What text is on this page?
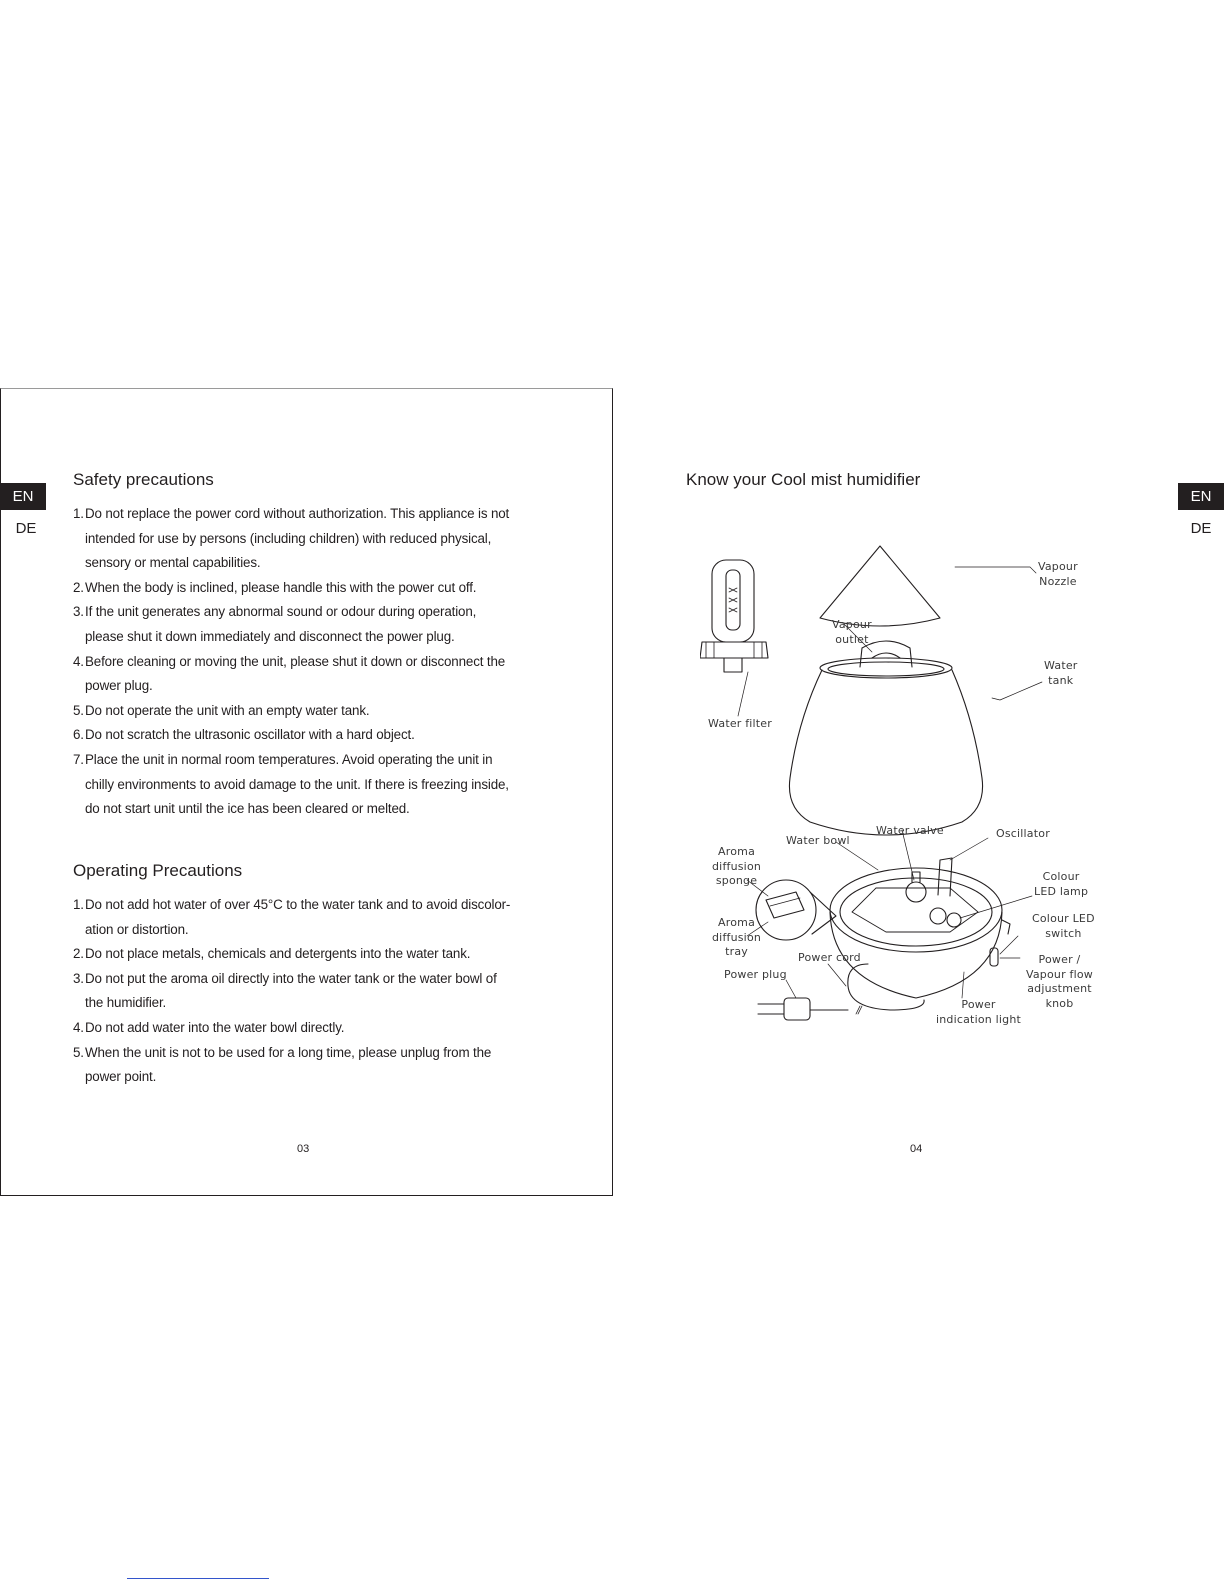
EN
DE
Safety precautions
1. Do not replace the power cord without authorization. This appliance is not
intended for use by persons (including children) with reduced physical,
sensory or mental capabilities.
2. When the body is inclined, please handle this with the power cut off.
3. If the unit generates any abnormal sound or odour during operation,
please shut it down immediately and disconnect the power plug.
4. Before cleaning or moving the unit, please shut it down or disconnect the
power plug.
5. Do not operate the unit with an empty water tank.
6. Do not scratch the ultrasonic oscillator with a hard object.
7. Place the unit in normal room temperatures. Avoid operating the unit in
chilly environments to avoid damage to the unit. If there is freezing inside,
do not start unit until the ice has been cleared or melted.
Operating Precautions
1. Do not add hot water of over 45°C to the water tank and to avoid discolor-
ation or distortion.
2. Do not place metals, chemicals and detergents into the water tank.
3. Do not put the aroma oil directly into the water tank or the water bowl of
the humidifier.
4. Do not add water into the water bowl directly.
5. When the unit is not to be used for a long time, please unplug from the
power point.
03
EN
DE
Know your Cool mist humidifier
Vapour
Nozzle
Vapour
outlet
Water
tank
Water filter
Water bowl
Water valve	Oscillator
Aroma
diffusion
sponge	Colour
LED lamp
Aroma
diffusion
tray
Colour LED
switch
Power cord	Power /
Vapour flow
adjustment
knob
Power plug
Power
indication light
04
